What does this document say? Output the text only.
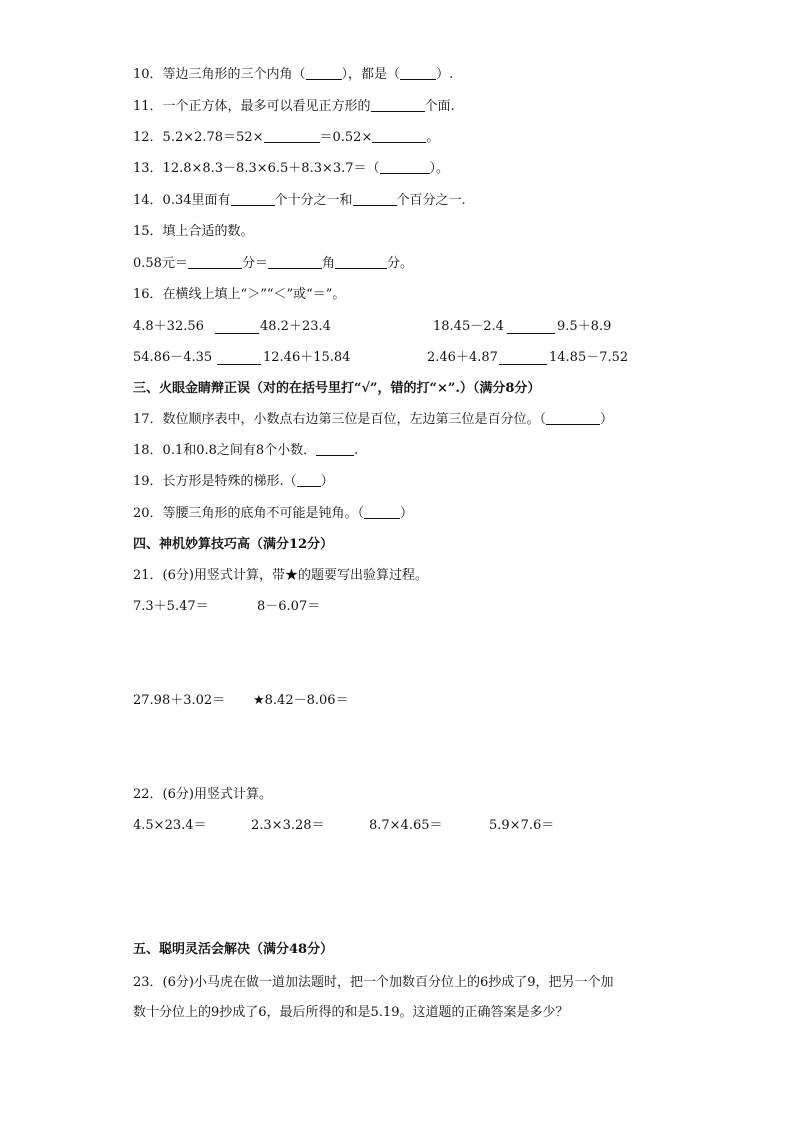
10．等边三角形的三个内角（	），都是（	）.
11．一个正方体，最多可以看见正方形的	个面.
12．5.2×2.78＝52×	＝0.52×	。
13．12.8×8.3－8.3×6.5＋8.3×3.7＝（	）。
14．0.34里面有	个十分之一和	个百分之一.
15．填上合适的数。
0.58元＝	分＝	角	分。
16．在横线上填上“＞”“＜”或“＝”。
4.8＋32.56	48.2＋23.4	18.45－2.4	9.5＋8.9
54.86－4.35	12.46＋15.84	2.46＋4.87	14.85－7.52
三、火眼金睛辩正误（对的在括号里打“√”，错的打“×”.）（满分8分）
17．数位顺序表中，小数点右边第三位是百位，左边第三位是百分位。（	）
18．0.1和0.8之间有8个小数．	.
19．长方形是特殊的梯形.（ ）
20．等腰三角形的底角不可能是钝角。（	）
四、神机妙算技巧高（满分12分）
21．(6分)用竖式计算，带★的题要写出验算过程。
7.3＋5.47＝	8－6.07＝
27.98＋3.02＝ ★8.42－8.06＝
22．(6分)用竖式计算。
4.5×23.4＝	2.3×3.28＝	8.7×4.65＝	5.9×7.6＝
五、聪明灵活会解决（满分48分）
23．(6分)小马虎在做一道加法题时，把一个加数百分位上的6抄成了9，把另一个加
数十分位上的9抄成了6，最后所得的和是5.19。这道题的正确答案是多少？
